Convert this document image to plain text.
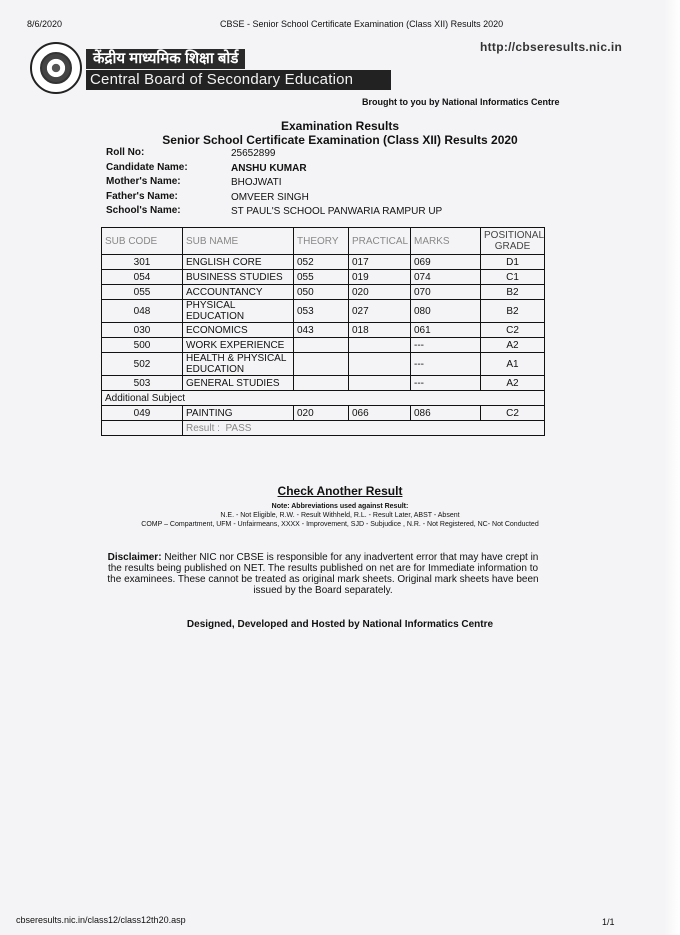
8/6/2020	CBSE - Senior School Certificate Examination (Class XII) Results 2020
http://cbseresults.nic.in
केंद्रीय माध्यमिक शिक्षा बोर्ड
Central Board of Secondary Education
Brought to you by National Informatics Centre
Examination Results
Senior School Certificate Examination (Class XII) Results 2020
Roll No:	25652899
Candidate Name:	ANSHU KUMAR
Mother's Name:	BHOJWATI
Father's Name:	OMVEER SINGH
School's Name:	ST PAUL'S SCHOOL PANWARIA RAMPUR UP
SUB CODE	SUB NAME	THEORY	PRACTICAL	MARKS	POSITIONAL GRADE
301	ENGLISH CORE	052	017	069	D1
054	BUSINESS STUDIES	055	019	074	C1
055	ACCOUNTANCY	050	020	070	B2
048	PHYSICAL EDUCATION	053	027	080	B2
030	ECONOMICS	043	018	061	C2
500	WORK EXPERIENCE			---	A2
502	HEALTH & PHYSICAL EDUCATION			---	A1
503	GENERAL STUDIES			---	A2
Additional Subject					
049	PAINTING	020	066	086	C2
	Result : PASS				
Check Another Result
Note: Abbreviations used against Result:
N.E. - Not Eligible, R.W. - Result Withheld, R.L. - Result Later, ABST - Absent
COMP – Compartment, UFM - Unfairmeans, XXXX - Improvement, SJD - Subjudice , N.R. - Not Registered, NC- Not Conducted
Disclaimer: Neither NIC nor CBSE is responsible for any inadvertent error that may have crept in the results being published on NET. The results published on net are for Immediate information to the examinees. These cannot be treated as original mark sheets. Original mark sheets have been issued by the Board separately.
Designed, Developed and Hosted by National Informatics Centre
cbseresults.nic.in/class12/class12th20.asp	1/1
